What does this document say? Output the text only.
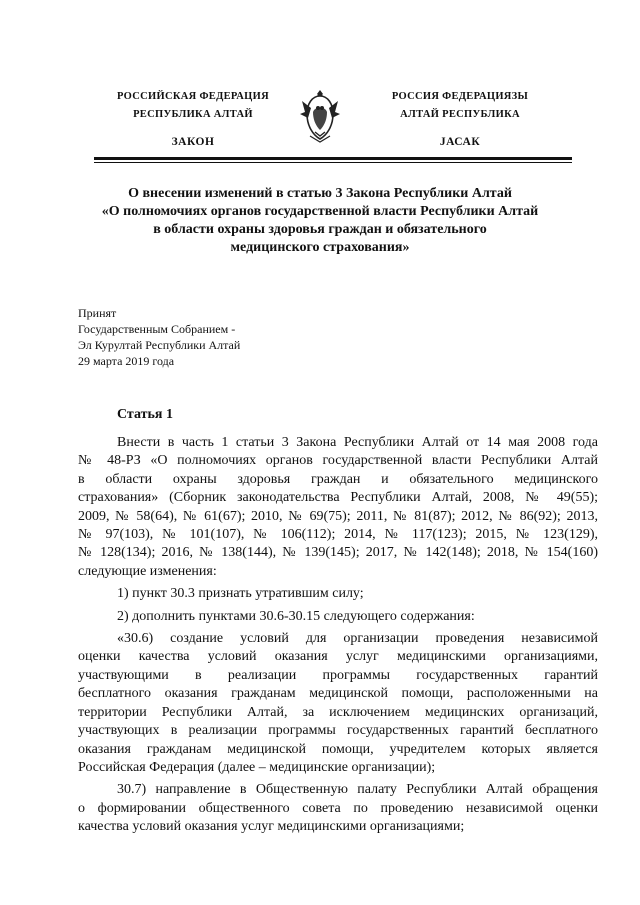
РОССИЙСКАЯ ФЕДЕРАЦИЯ
РЕСПУБЛИКА АЛТАЙ
ЗАКОН
РОССИЯ ФЕДЕРАЦИЯЗЫ
АЛТАЙ РЕСПУБЛИКА
ЈАСАК
О внесении изменений в статью 3 Закона Республики Алтай
«О полномочиях органов государственной власти Республики Алтай
в области охраны здоровья граждан и обязательного
медицинского страхования»
Принят
Государственным Собранием -
Эл Курултай Республики Алтай
29 марта 2019 года
Статья 1

Внести в часть 1 статьи 3 Закона Республики Алтай от 14 мая 2008 года
№ 48-РЗ «О полномочиях органов государственной власти Республики Алтай
в области охраны здоровья граждан и обязательного медицинского
страхования» (Сборник законодательства Республики Алтай, 2008, № 49(55);
2009, № 58(64), № 61(67); 2010, № 69(75); 2011, № 81(87); 2012, № 86(92); 2013,
№ 97(103), № 101(107), № 106(112); 2014, № 117(123); 2015, № 123(129),
№ 128(134); 2016, № 138(144), № 139(145); 2017, № 142(148); 2018, № 154(160)
следующие изменения:

1) пункт 30.3 признать утратившим силу;

2) дополнить пунктами 30.6-30.15 следующего содержания:

«30.6) создание условий для организации проведения независимой
оценки качества условий оказания услуг медицинскими организациями,
участвующими в реализации программы государственных гарантий
бесплатного оказания гражданам медицинской помощи, расположенными на
территории Республики Алтай, за исключением медицинских организаций,
участвующих в реализации программы государственных гарантий бесплатного
оказания гражданам медицинской помощи, учредителем которых является
Российская Федерация (далее – медицинские организации);

30.7) направление в Общественную палату Республики Алтай обращения
о формировании общественного совета по проведению независимой оценки
качества условий оказания услуг медицинскими организациями;
